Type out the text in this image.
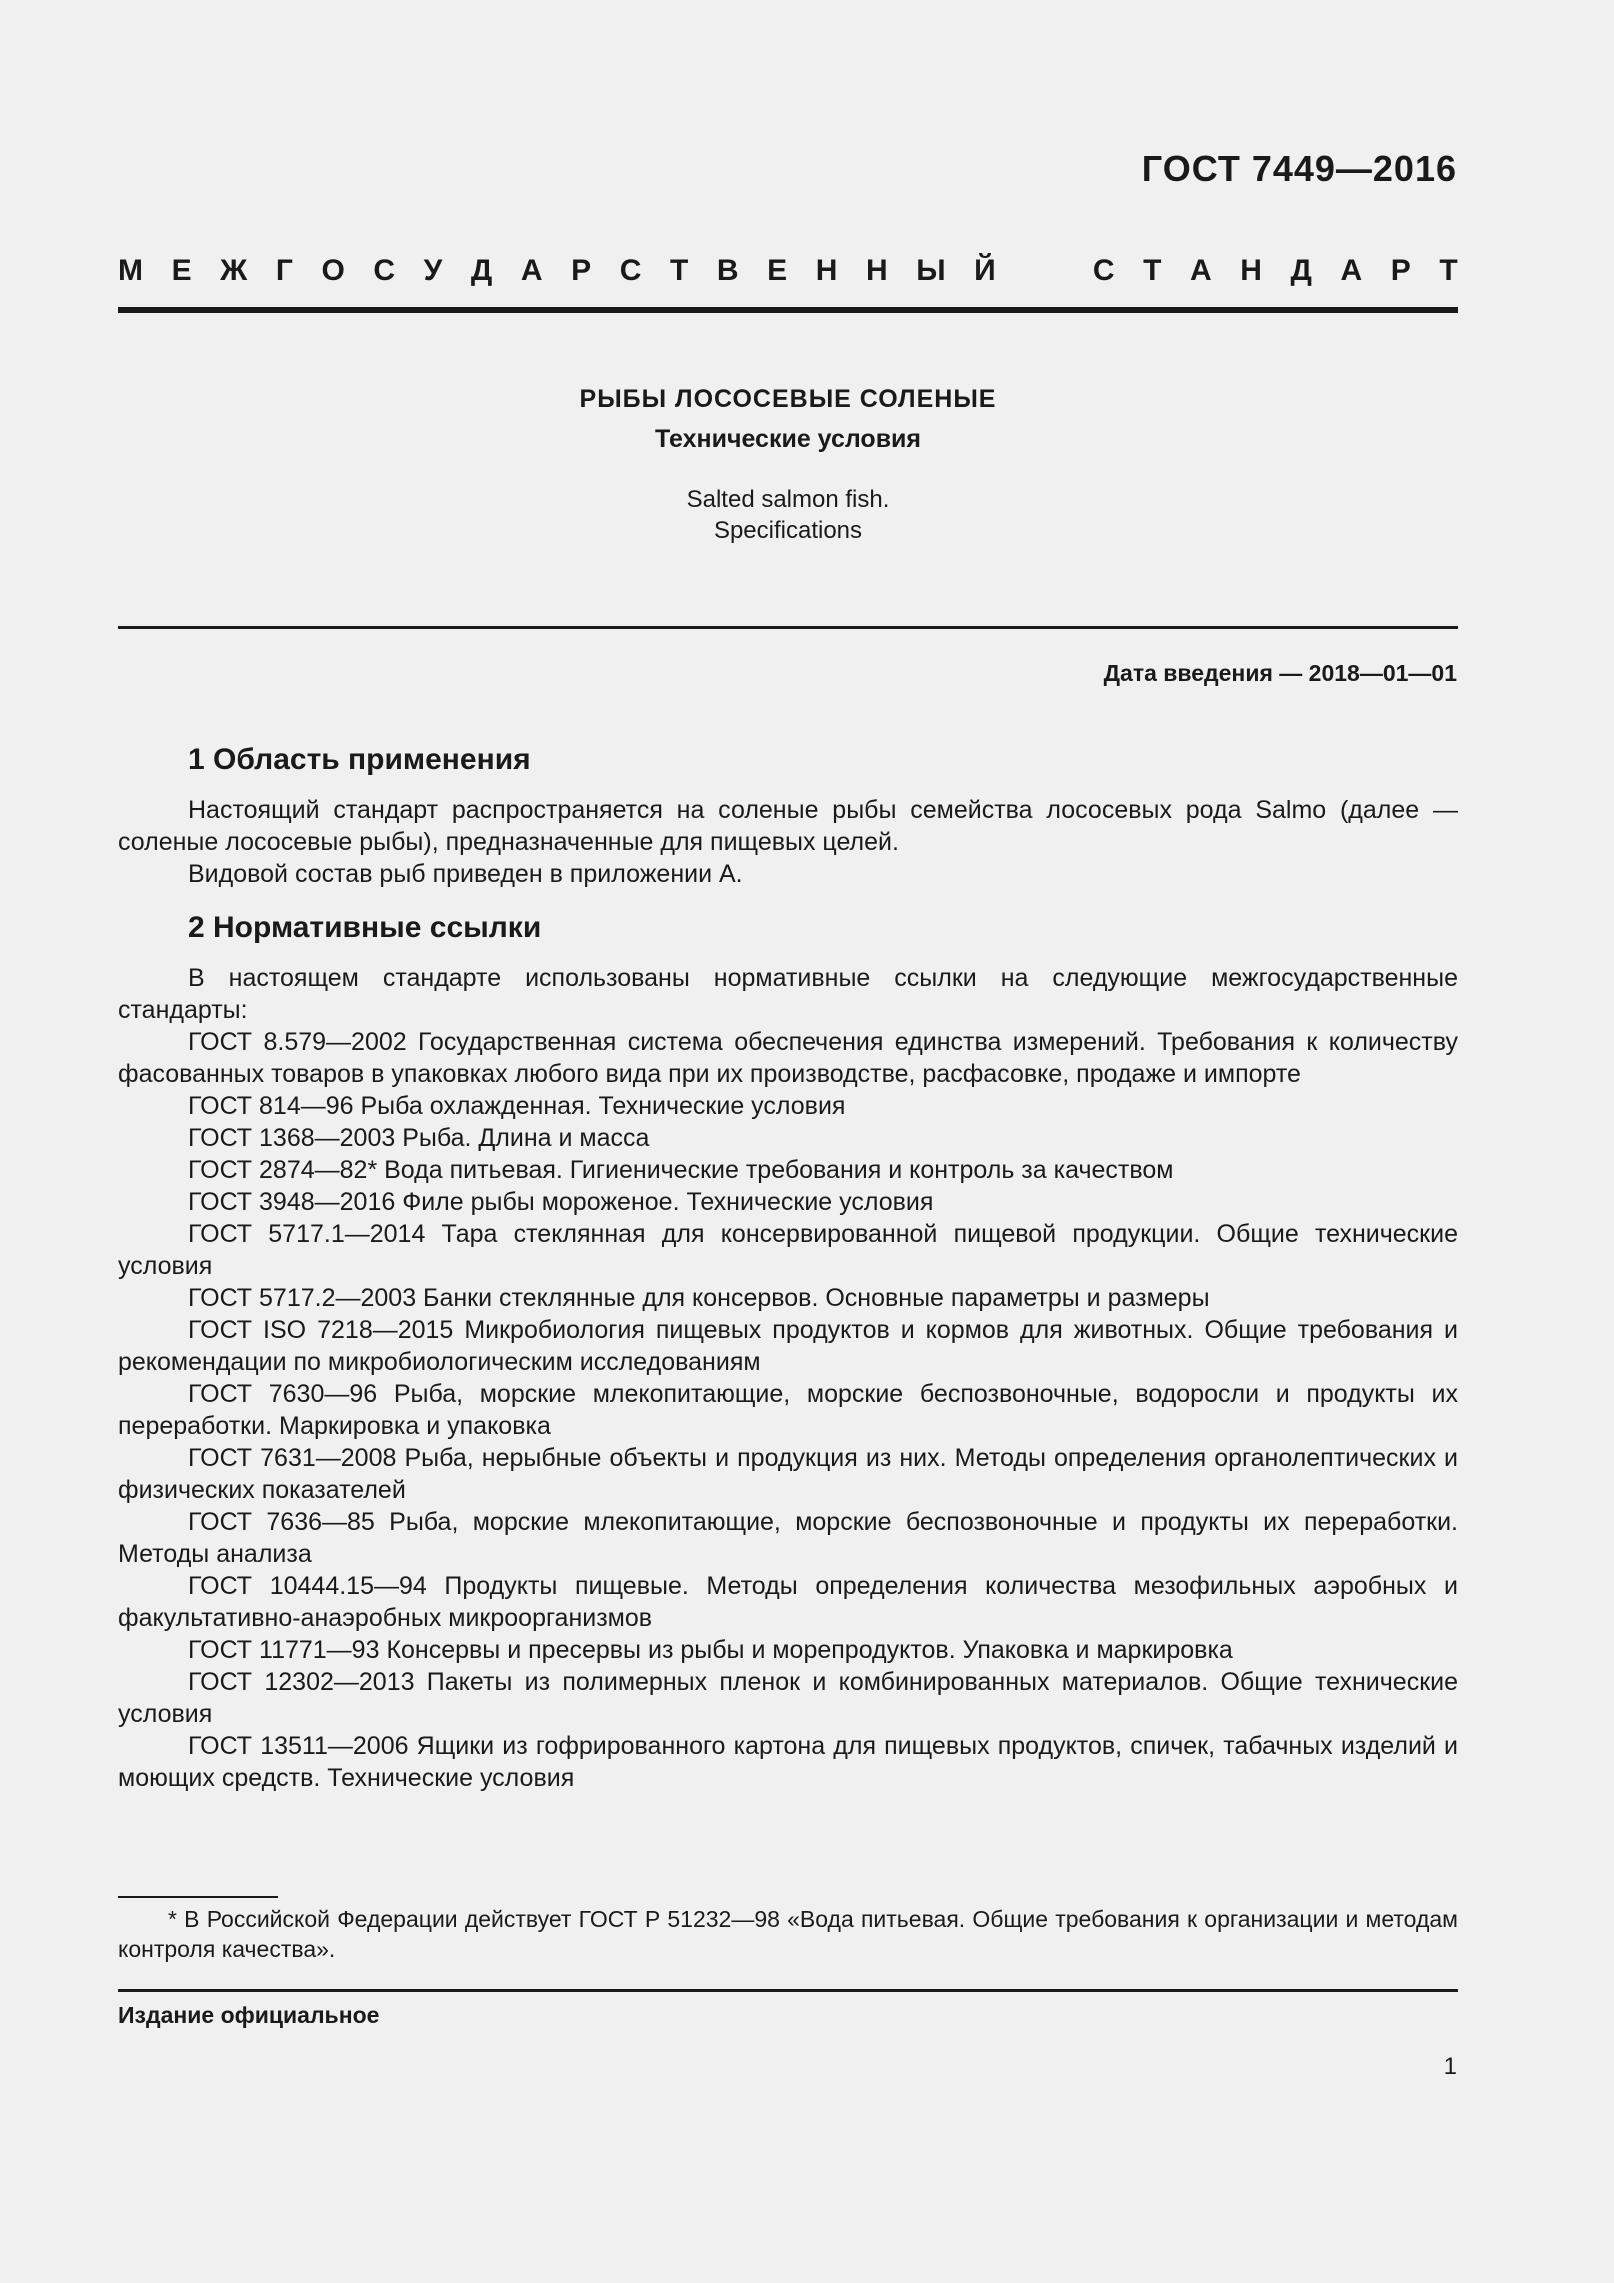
ГОСТ 7449—2016
М Е Ж Г О С У Д А Р С Т В Е Н Н Ы Й	С Т А Н Д А Р Т
РЫБЫ ЛОСОСЕВЫЕ СОЛЕНЫЕ
Технические условия
Salted salmon fish.
Specifications
Дата введения — 2018—01—01
1 Область применения

Настоящий стандарт распространяется на соленые рыбы семейства лососевых рода Salmo (далее — соленые лососевые рыбы), предназначенные для пищевых целей.

Видовой состав рыб приведен в приложении А.

2 Нормативные ссылки

В настоящем стандарте использованы нормативные ссылки на следующие межгосударственные стандарты:

ГОСТ 8.579—2002 Государственная система обеспечения единства измерений. Требования к количеству фасованных товаров в упаковках любого вида при их производстве, расфасовке, продаже и импорте

ГОСТ 814—96 Рыба охлажденная. Технические условия

ГОСТ 1368—2003 Рыба. Длина и масса

ГОСТ 2874—82* Вода питьевая. Гигиенические требования и контроль за качеством

ГОСТ 3948—2016 Филе рыбы мороженое. Технические условия

ГОСТ 5717.1—2014 Тара стеклянная для консервированной пищевой продукции. Общие технические условия

ГОСТ 5717.2—2003 Банки стеклянные для консервов. Основные параметры и размеры

ГОСТ ISO 7218—2015 Микробиология пищевых продуктов и кормов для животных. Общие требования и рекомендации по микробиологическим исследованиям

ГОСТ 7630—96 Рыба, морские млекопитающие, морские беспозвоночные, водоросли и продукты их переработки. Маркировка и упаковка

ГОСТ 7631—2008 Рыба, нерыбные объекты и продукция из них. Методы определения органолептических и физических показателей

ГОСТ 7636—85 Рыба, морские млекопитающие, морские беспозвоночные и продукты их переработки. Методы анализа

ГОСТ 10444.15—94 Продукты пищевые. Методы определения количества мезофильных аэробных и факультативно-анаэробных микроорганизмов

ГОСТ 11771—93 Консервы и пресервы из рыбы и морепродуктов. Упаковка и маркировка

ГОСТ 12302—2013 Пакеты из полимерных пленок и комбинированных материалов. Общие технические условия

ГОСТ 13511—2006 Ящики из гофрированного картона для пищевых продуктов, спичек, табачных изделий и моющих средств. Технические условия

* В Российской Федерации действует ГОСТ Р 51232—98 «Вода питьевая. Общие требования к организации и методам контроля качества».
Издание официальное
1
